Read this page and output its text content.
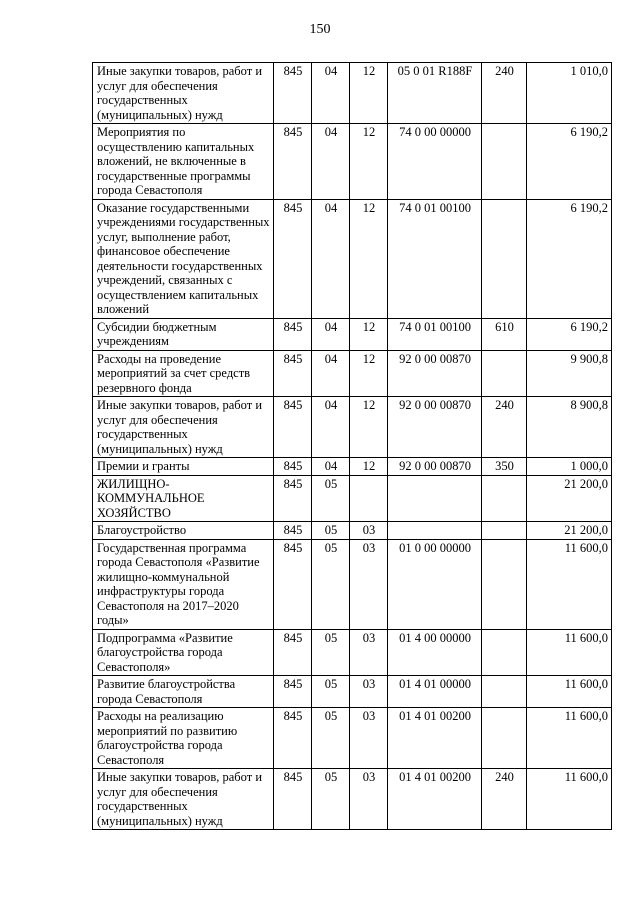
150
Иные закупки товаров, работ и услуг для обеспечения государственных (муниципальных) нужд	845	04	12	05 0 01 R188F	240	1 010,0
Мероприятия по осуществлению капитальных вложений, не включенные в государственные программы города Севастополя	845	04	12	74 0 00 00000		6 190,2
Оказание государственными учреждениями государственных услуг, выполнение работ, финансовое обеспечение деятельности государственных учреждений, связанных с осуществлением капитальных вложений	845	04	12	74 0 01 00100		6 190,2
Субсидии бюджетным учреждениям	845	04	12	74 0 01 00100	610	6 190,2
Расходы на проведение мероприятий за счет средств резервного фонда	845	04	12	92 0 00 00870		9 900,8
Иные закупки товаров, работ и услуг для обеспечения государственных (муниципальных) нужд	845	04	12	92 0 00 00870	240	8 900,8
Премии и гранты	845	04	12	92 0 00 00870	350	1 000,0
ЖИЛИЩНО-КОММУНАЛЬНОЕ ХОЗЯЙСТВО	845	05				21 200,0
Благоустройство	845	05	03			21 200,0
Государственная программа города Севастополя «Развитие жилищно-коммунальной инфраструктуры города Севастополя на 2017–2020 годы»	845	05	03	01 0 00 00000		11 600,0
Подпрограмма «Развитие благоустройства города Севастополя»	845	05	03	01 4 00 00000		11 600,0
Развитие благоустройства города Севастополя	845	05	03	01 4 01 00000		11 600,0
Расходы на реализацию мероприятий по развитию благоустройства города Севастополя	845	05	03	01 4 01 00200		11 600,0
Иные закупки товаров, работ и услуг для обеспечения государственных (муниципальных) нужд	845	05	03	01 4 01 00200	240	11 600,0
